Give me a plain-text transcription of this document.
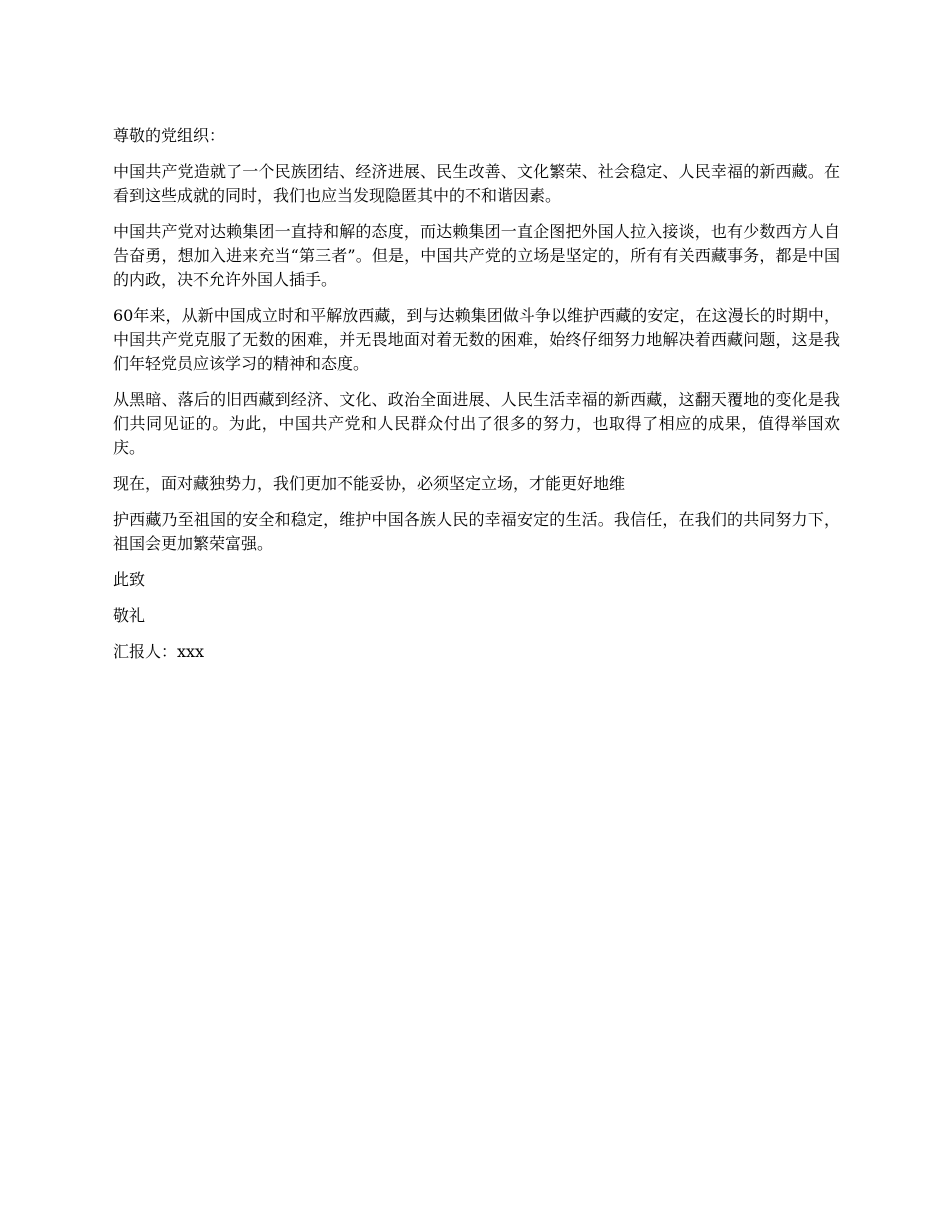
尊敬的党组织：

中国共产党造就了一个民族团结、经济进展、民生改善、文化繁荣、社会稳定、人民幸福的新西藏。在看到这些成就的同时，我们也应当发现隐匿其中的不和谐因素。

中国共产党对达赖集团一直持和解的态度，而达赖集团一直企图把外国人拉入接谈，也有少数西方人自告奋勇，想加入进来充当“第三者”。但是，中国共产党的立场是坚定的，所有有关西藏事务，都是中国的内政，决不允许外国人插手。

60年来，从新中国成立时和平解放西藏，到与达赖集团做斗争以维护西藏的安定，在这漫长的时期中，中国共产党克服了无数的困难，并无畏地面对着无数的困难，始终仔细努力地解决着西藏问题，这是我们年轻党员应该学习的精神和态度。

从黑暗、落后的旧西藏到经济、文化、政治全面进展、人民生活幸福的新西藏，这翻天覆地的变化是我们共同见证的。为此，中国共产党和人民群众付出了很多的努力，也取得了相应的成果，值得举国欢庆。

现在，面对藏独势力，我们更加不能妥协，必须坚定立场，才能更好地维

护西藏乃至祖国的安全和稳定，维护中国各族人民的幸福安定的生活。我信任，在我们的共同努力下，祖国会更加繁荣富强。

此致

敬礼

汇报人：xxx
